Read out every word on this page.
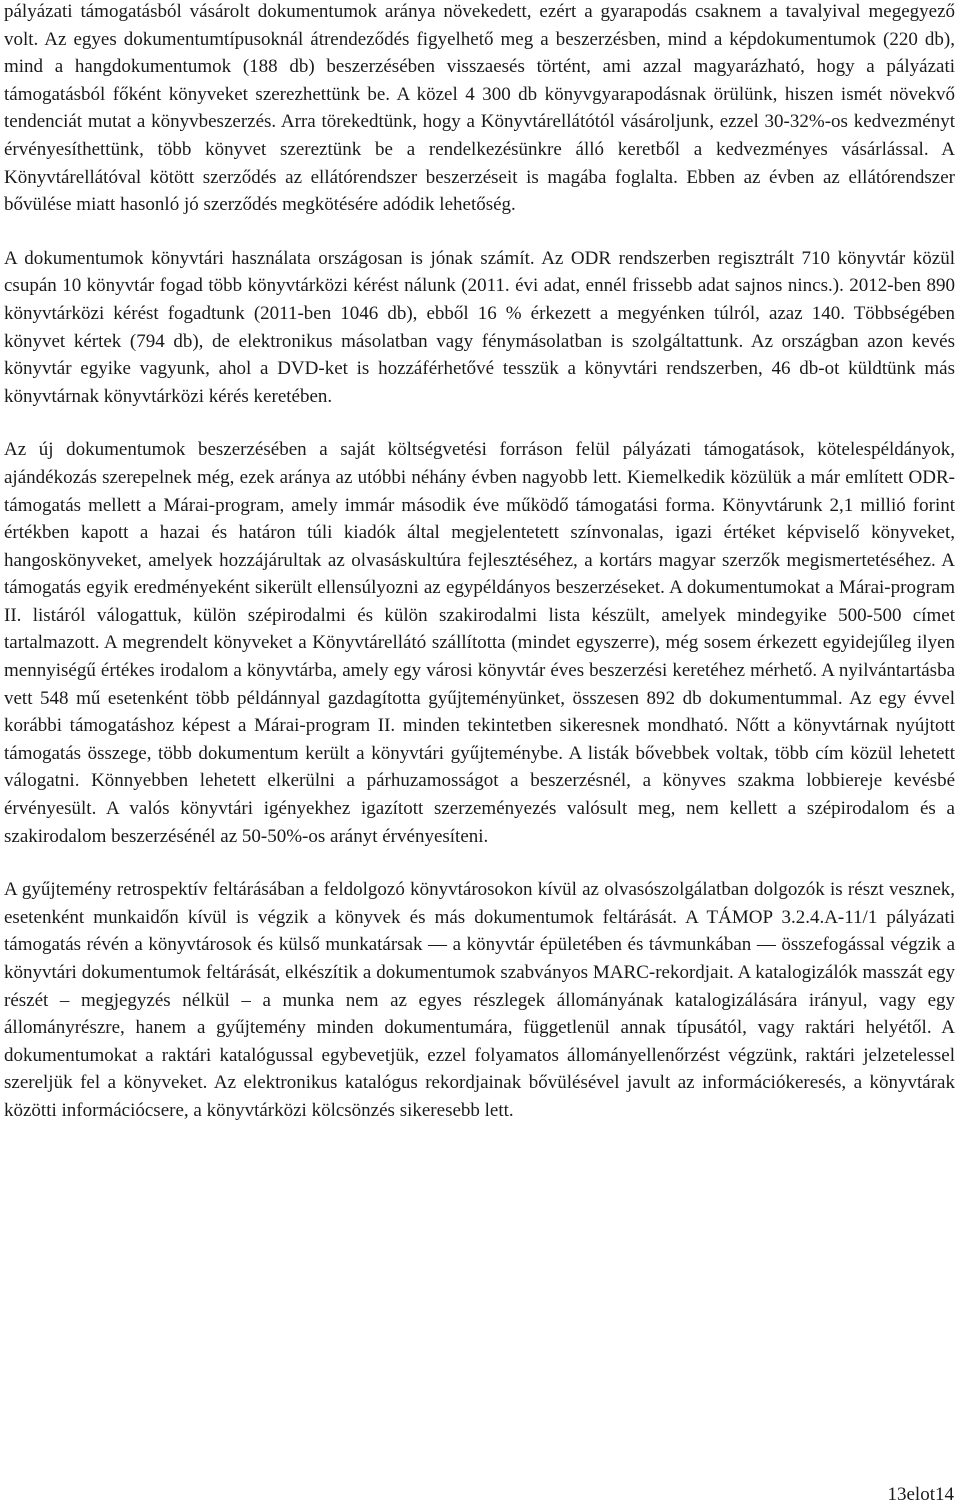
pályázati támogatásból vásárolt dokumentumok aránya növekedett, ezért a gyarapodás csaknem a tavalyival megegyező volt. Az egyes dokumentumtípusoknál átrendeződés figyelhető meg a beszerzésben, mind a képdokumentumok (220 db), mind a hangdokumentumok (188 db) beszerzésében visszaesés történt, ami azzal magyarázható, hogy a pályázati támogatásból főként könyveket szerezhettünk be. A közel 4 300 db könyvgyarapodásnak örülünk, hiszen ismét növekvő tendenciát mutat a könyvbeszerzés. Arra törekedtünk, hogy a Könyvtárellátótól vásároljunk, ezzel 30-32%-os kedvezményt érvényesíthettünk, több könyvet szereztünk be a rendelkezésünkre álló keretből a kedvezményes vásárlással. A Könyvtárellátóval kötött szerződés az ellátórendszer beszerzéseit is magába foglalta. Ebben az évben az ellátórendszer bővülése miatt hasonló jó szerződés megkötésére adódik lehetőség.

A dokumentumok könyvtári használata országosan is jónak számít. Az ODR rendszerben regisztrált 710 könyvtár közül csupán 10 könyvtár fogad több könyvtárközi kérést nálunk (2011. évi adat, ennél frissebb adat sajnos nincs.). 2012-ben 890 könyvtárközi kérést fogadtunk (2011-ben 1046 db), ebből 16 % érkezett a megyénken túlról, azaz 140. Többségében könyvet kértek (794 db), de elektronikus másolatban vagy fénymásolatban is szolgáltattunk. Az országban azon kevés könyvtár egyike vagyunk, ahol a DVD-ket is hozzáférhetővé tesszük a könyvtári rendszerben, 46 db-ot küldtünk más könyvtárnak könyvtárközi kérés keretében.

Az új dokumentumok beszerzésében a saját költségvetési forráson felül pályázati támogatások, kötelespéldányok, ajándékozás szerepelnek még, ezek aránya az utóbbi néhány évben nagyobb lett. Kiemelkedik közülük a már említett ODR-támogatás mellett a Márai-program, amely immár második éve működő támogatási forma. Könyvtárunk 2,1 millió forint értékben kapott a hazai és határon túli kiadók által megjelentetett színvonalas, igazi értéket képviselő könyveket, hangoskönyveket, amelyek hozzájárultak az olvasáskultúra fejlesztéséhez, a kortárs magyar szerzők megismertetéséhez. A támogatás egyik eredményeként sikerült ellensúlyozni az egypéldányos beszerzéseket. A dokumentumokat a Márai-program II. listáról válogattuk, külön szépirodalmi és külön szakirodalmi lista készült, amelyek mindegyike 500-500 címet tartalmazott. A megrendelt könyveket a Könyvtárellátó szállította (mindet egyszerre), még sosem érkezett egyidejűleg ilyen mennyiségű értékes irodalom a könyvtárba, amely egy városi könyvtár éves beszerzési keretéhez mérhető. A nyilvántartásba vett 548 mű esetenként több példánnyal gazdagította gyűjteményünket, összesen 892 db dokumentummal. Az egy évvel korábbi támogatáshoz képest a Márai-program II. minden tekintetben sikeresnek mondható. Nőtt a könyvtárnak nyújtott támogatás összege, több dokumentum került a könyvtári gyűjteménybe. A listák bővebbek voltak, több cím közül lehetett válogatni. Könnyebben lehetett elkerülni a párhuzamosságot a beszerzésnél, a könyves szakma lobbiereje kevésbé érvényesült. A valós könyvtári igényekhez igazított szerzeményezés valósult meg, nem kellett a szépirodalom és a szakirodalom beszerzésénél az 50-50%-os arányt érvényesíteni.

A gyűjtemény retrospektív feltárásában a feldolgozó könyvtárosokon kívül az olvasószolgálatban dolgozók is részt vesznek, esetenként munkaidőn kívül is végzik a könyvek és más dokumentumok feltárását. A TÁMOP 3.2.4.A-11/1 pályázati támogatás révén a könyvtárosok és külső munkatársak — a könyvtár épületében és távmunkában — összefogással végzik a könyvtári dokumentumok feltárását, elkészítik a dokumentumok szabványos MARC-rekordjait. A katalogizálók masszát egy részét – megjegyzés nélkül – a munka nem az egyes részlegek állományának katalogizálására irányul, vagy egy állományrészre, hanem a gyűjtemény minden dokumentumára, függetlenül annak típusától, vagy raktári helyétől. A dokumentumokat a raktári katalógussal egybevetjük, ezzel folyamatos állományellenőrzést végzünk, raktári jelzetelessel szereljük fel a könyveket. Az elektronikus katalógus rekordjainak bővülésével javult az információkeresés, a könyvtárak közötti információcsere, a könyvtárközi kölcsönzés sikeresebb lett.

13elot14
